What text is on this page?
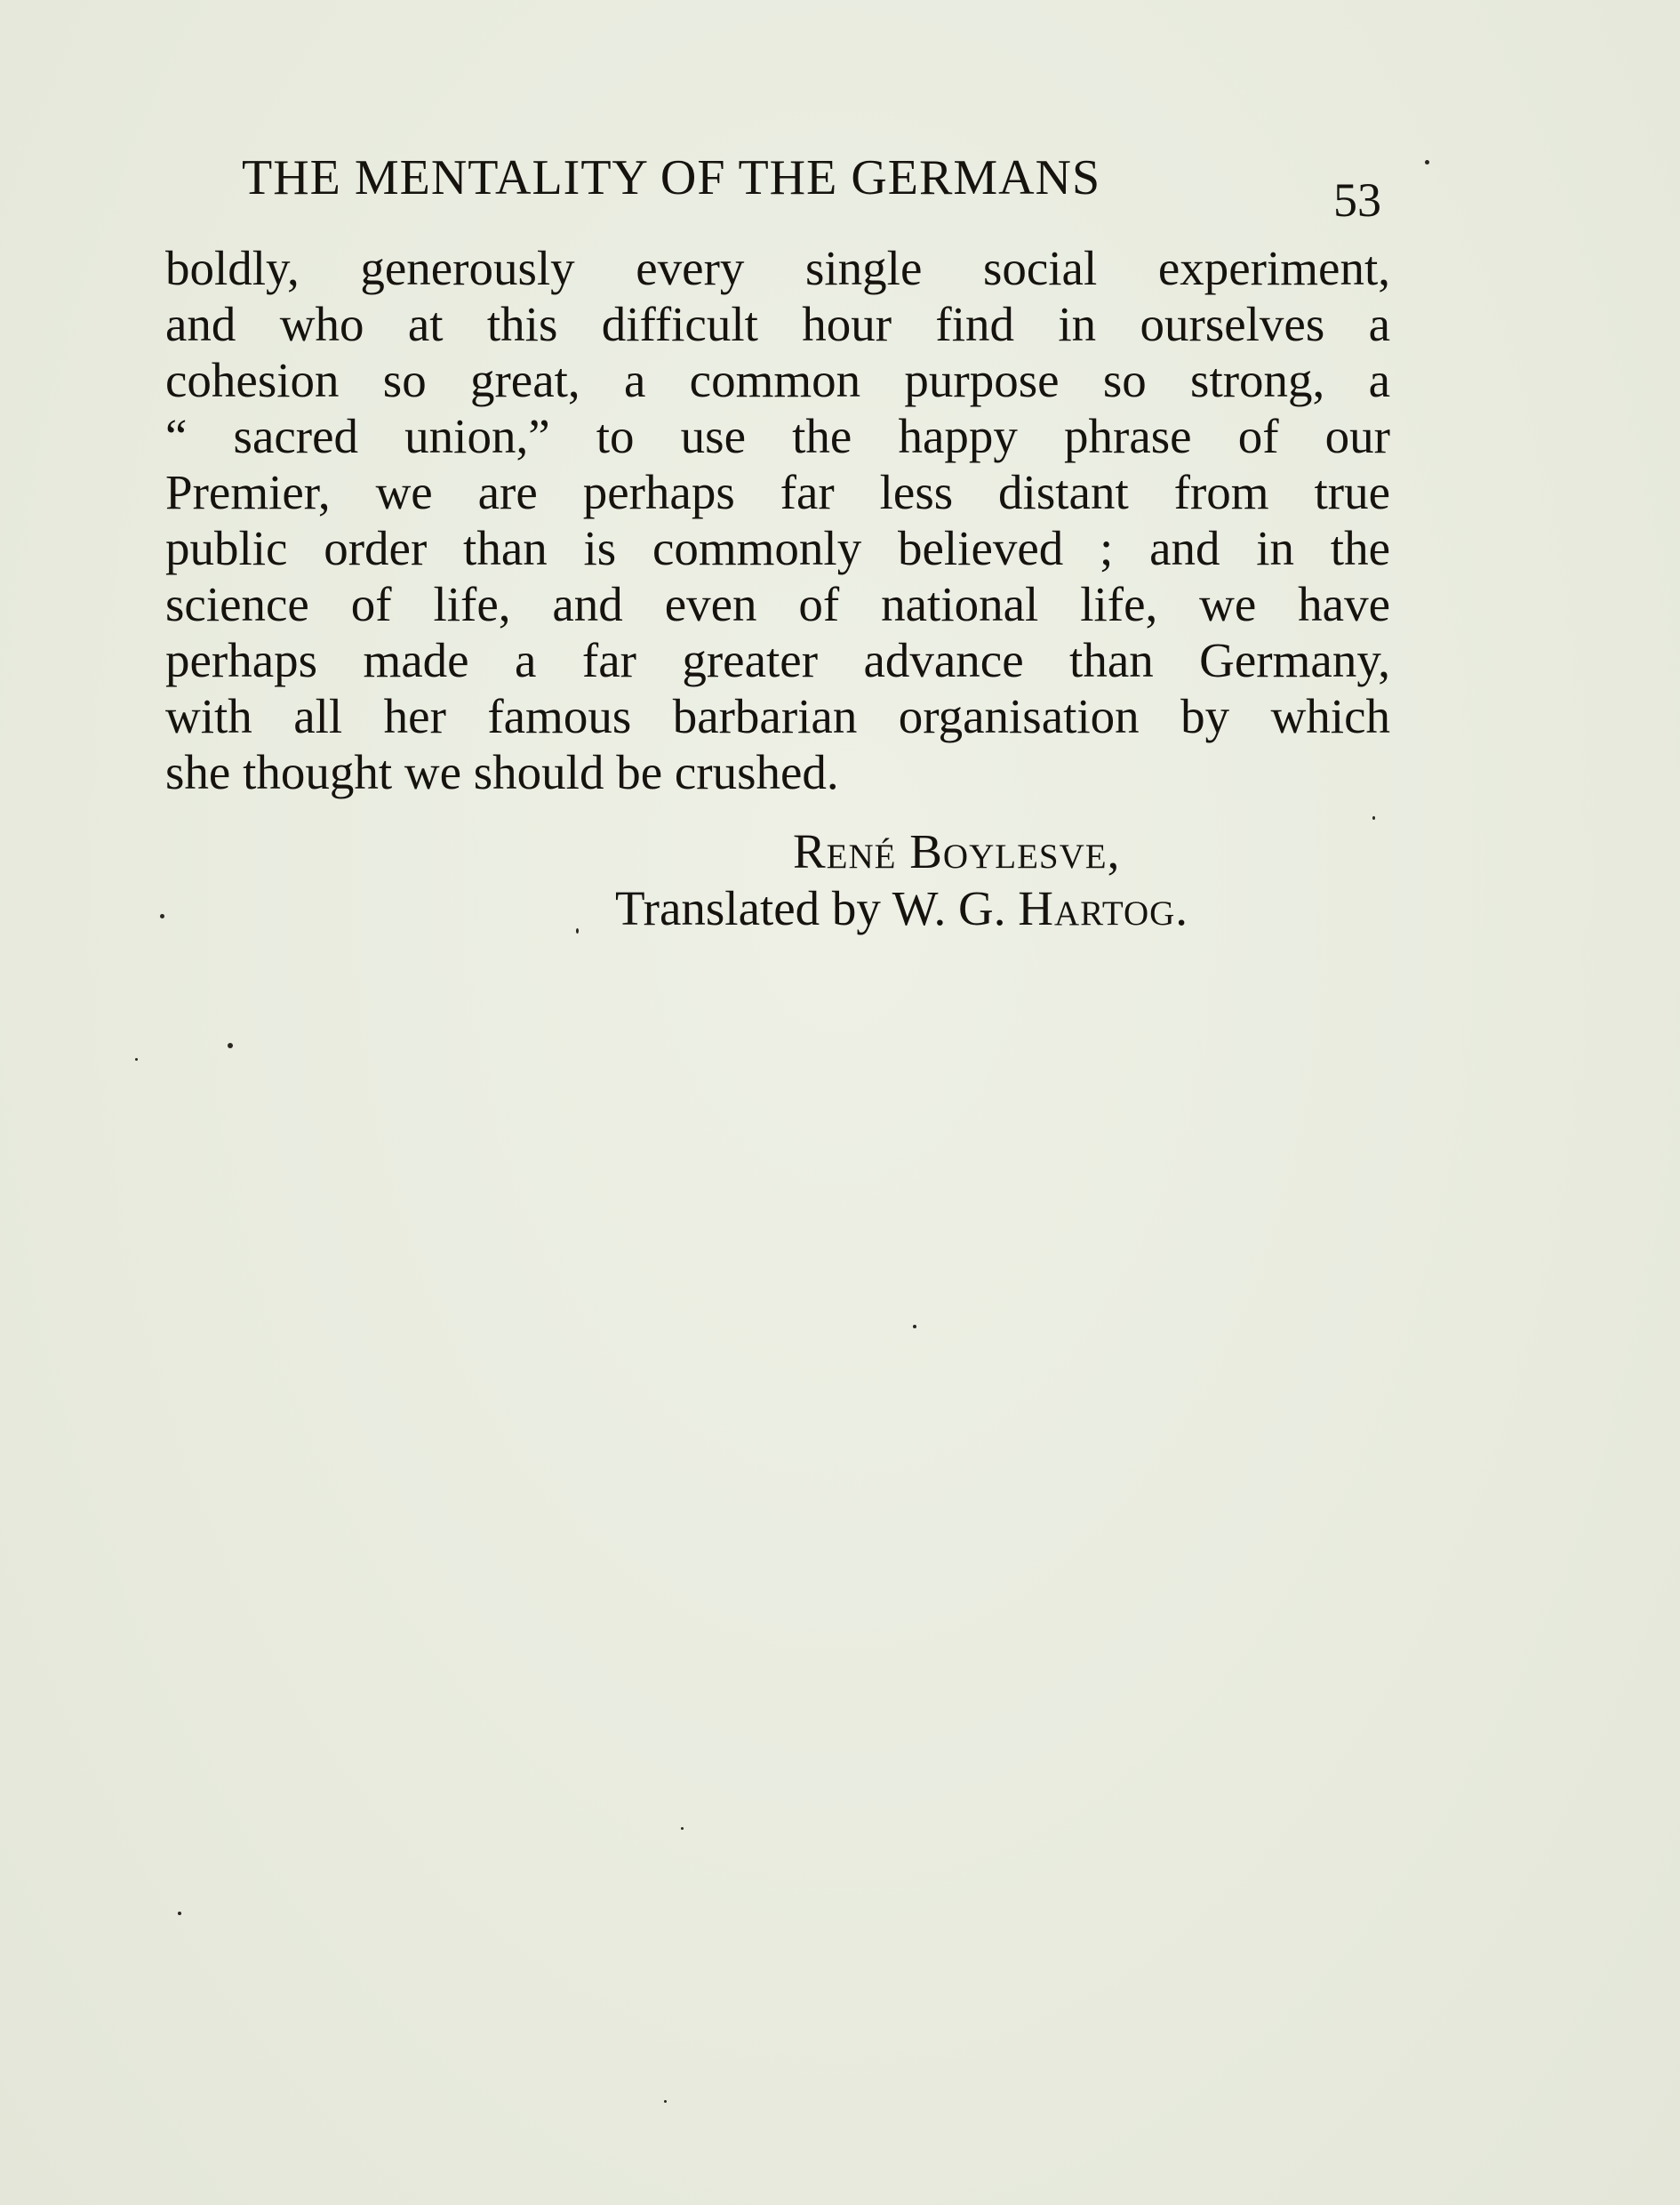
THE MENTALITY OF THE GERMANS	53
boldly, generously every single social experiment,
and who at this difficult hour find in ourselves a
cohesion so great, a common purpose so strong, a
“ sacred union,” to use the happy phrase of our
Premier, we are perhaps far less distant from true
public order than is commonly believed ; and in the
science of life, and even of national life, we have
perhaps made a far greater advance than Germany,
with all her famous barbarian organisation by which
she thought we should be crushed.
René Boylesve,
Translated by W. G. Hartog.
